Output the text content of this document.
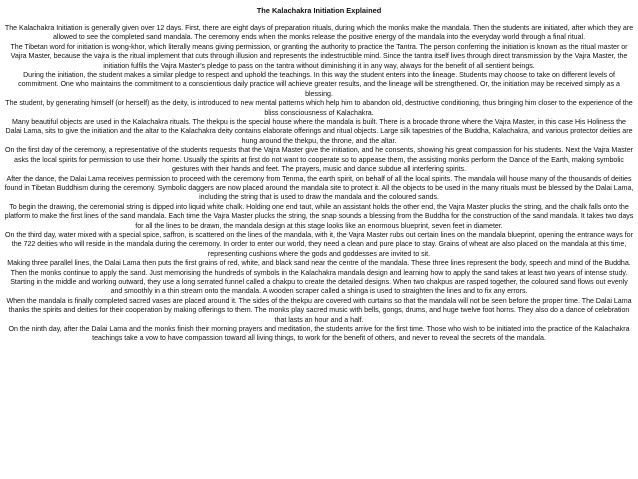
The Kalachakra Initiation Explained

The Kalachakra Initiation is generally given over 12 days. First, there are eight days of preparation rituals, during which the monks make the mandala. Then the students are initiated, after which they are allowed to see the completed sand mandala. The ceremony ends when the monks release the positive energy of the mandala into the everyday world through a final ritual.

The Tibetan word for initiation is wong-khor, which literally means giving permission, or granting the authority to practice the Tantra. The person conferring the initiation is known as the ritual master or Vajra Master, because the vajra is the ritual implement that cuts through illusion and represents the indestructible mind. Since the tantra itself lives through direct transmission by the Vajra Master, the initiation fulfils the Vajra Master's pledge to pass on the tantra without diminishing it in any way, always for the benefit of all sentient beings.

During the initiation, the student makes a similar pledge to respect and uphold the teachings. In this way the student enters into the lineage. Students may choose to take on different levels of commitment. One who maintains the commitment to a conscientious daily practice will achieve greater results, and the lineage will be strengthened. Or, the initiation may be received simply as a blessing.

The student, by generating himself (or herself) as the deity, is introduced to new mental patterns which help him to abandon old, destructive conditioning, thus bringing him closer to the experience of the bliss consciousness of Kalachakra.

Many beautiful objects are used in the Kalachakra rituals. The thekpu is the special house where the mandala is built. There is a brocade throne where the Vajra Master, in this case His Holiness the Dalai Lama, sits to give the initiation and the altar to the Kalachakra deity contains elaborate offerings and ritual objects. Large silk tapestries of the Buddha, Kalachakra, and various protector deities are hung around the thekpu, the throne, and the altar.

On the first day of the ceremony, a representative of the students requests that the Vajra Master give the initiation, and he consents, showing his great compassion for his students. Next the Vajra Master asks the local spirits for permission to use their home. Usually the spirits at first do not want to cooperate so to appease them, the assisting monks perform the Dance of the Earth, making symbolic gestures with their hands and feet. The prayers, music and dance subdue all interfering spirits.

After the dance, the Dalai Lama receives permission to proceed with the ceremony from Tenma, the earth spirit, on behalf of all the local spirits. The mandala will house many of the thousands of deities found in Tibetan Buddhism during the ceremony. Symbolic daggers are now placed around the mandala site to protect it. All the objects to be used in the many rituals must be blessed by the Dalai Lama, including the string that is used to draw the mandala and the coloured sands.

To begin the drawing, the ceremonial string is dipped into liquid white chalk. Holding one end taut, while an assistant holds the other end, the Vajra Master plucks the string, and the chalk falls onto the platform to make the first lines of the sand mandala. Each time the Vajra Master plucks the string, the snap sounds a blessing from the Buddha for the construction of the sand mandala. It takes two days for all the lines to be drawn, the mandala design at this stage looks like an enormous blueprint, seven feet in diameter.

On the third day, water mixed with a special spice, saffron, is scattered on the lines of the mandala, with it, the Vajra Master rubs out certain lines on the mandala blueprint, opening the entrance ways for the 722 deities who will reside in the mandala during the ceremony. In order to enter our world, they need a clean and pure place to stay. Grains of wheat are also placed on the mandala at this time, representing cushions where the gods and goddesses are invited to sit.

Making three parallel lines, the Dalai Lama then puts the first grains of red, white, and black sand near the centre of the mandala. These three lines represent the body, speech and mind of the Buddha. Then the monks continue to apply the sand. Just memorising the hundreds of symbols in the Kalachakra mandala design and learning how to apply the sand takes at least two years of intense study. Starting in the middle and working outward, they use a long serrated funnel called a chakpu to create the detailed designs. When two chakpus are rasped together, the coloured sand flows out evenly and smoothly in a thin stream onto the mandala. A wooden scraper called a shinga is used to straighten the lines and to fix any errors.

When the mandala is finally completed sacred vases are placed around it. The sides of the thekpu are covered with curtains so that the mandala will not be seen before the proper time. The Dalai Lama thanks the spirits and deities for their cooperation by making offerings to them. The monks play sacred music with bells, gongs, drums, and huge twelve foot horns. They also do a dance of celebration that lasts an hour and a half.

On the ninth day, after the Dalai Lama and the monks finish their morning prayers and meditation, the students arrive for the first time. Those who wish to be initiated into the practice of the Kalachakra teachings take a vow to have compassion toward all living things, to work for the benefit of others, and never to reveal the secrets of the mandala.
